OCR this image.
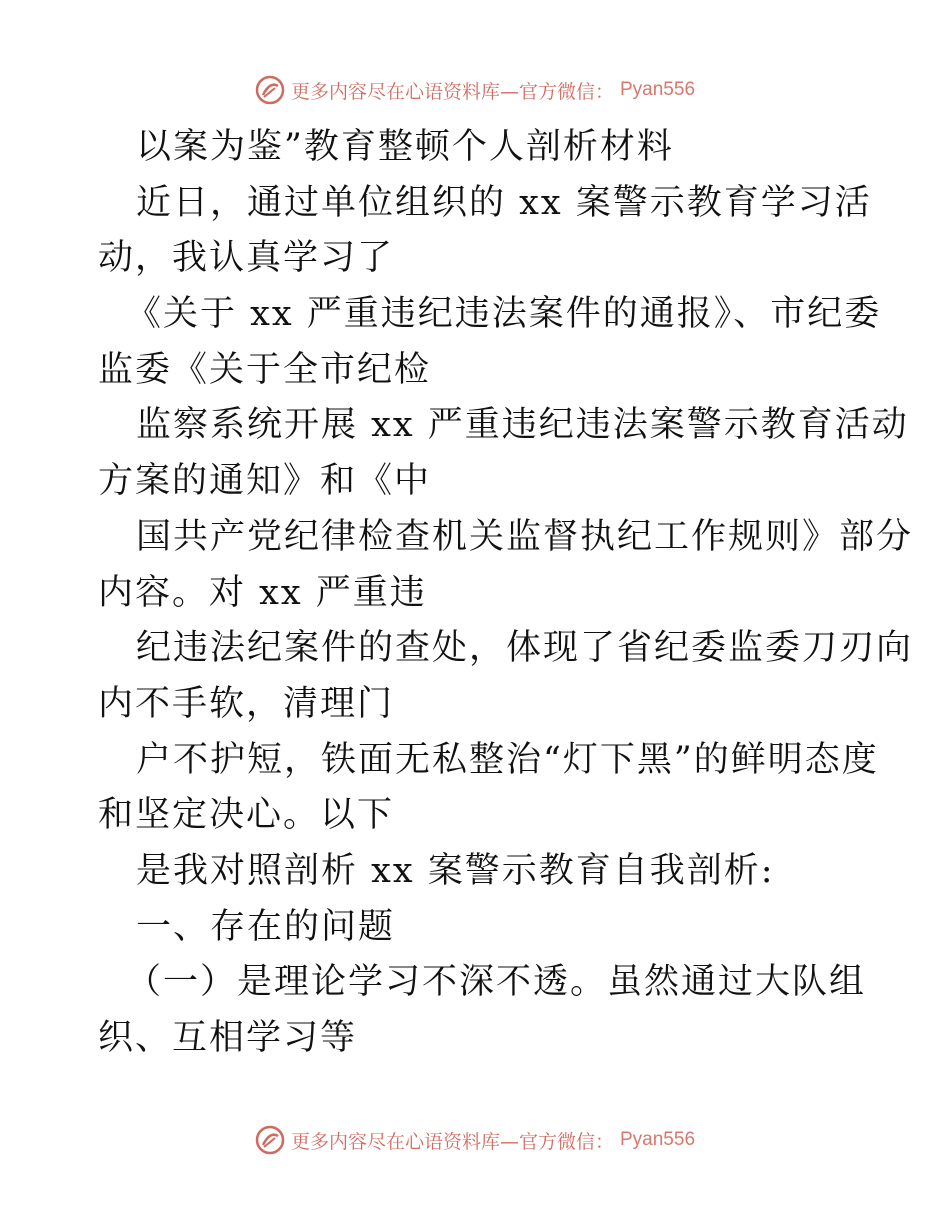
更多内容尽在心语资料库—官方微信： Pyan556
以案为鉴”教育整顿个人剖析材料
近日，通过单位组织的 xx 案警示教育学习活
动，我认真学习了
《关于 xx 严重违纪违法案件的通报》、市纪委
监委《关于全市纪检
监察系统开展 xx 严重违纪违法案警示教育活动
方案的通知》和《中
国共产党纪律检查机关监督执纪工作规则》部分
内容。对 xx 严重违
纪违法纪案件的查处，体现了省纪委监委刀刃向
内不手软，清理门
户不护短，铁面无私整治“灯下黑”的鲜明态度
和坚定决心。以下
是我对照剖析 xx 案警示教育自我剖析:
一、存在的问题
（一）是理论学习不深不透。虽然通过大队组
织、互相学习等
更多内容尽在心语资料库—官方微信： Pyan556
